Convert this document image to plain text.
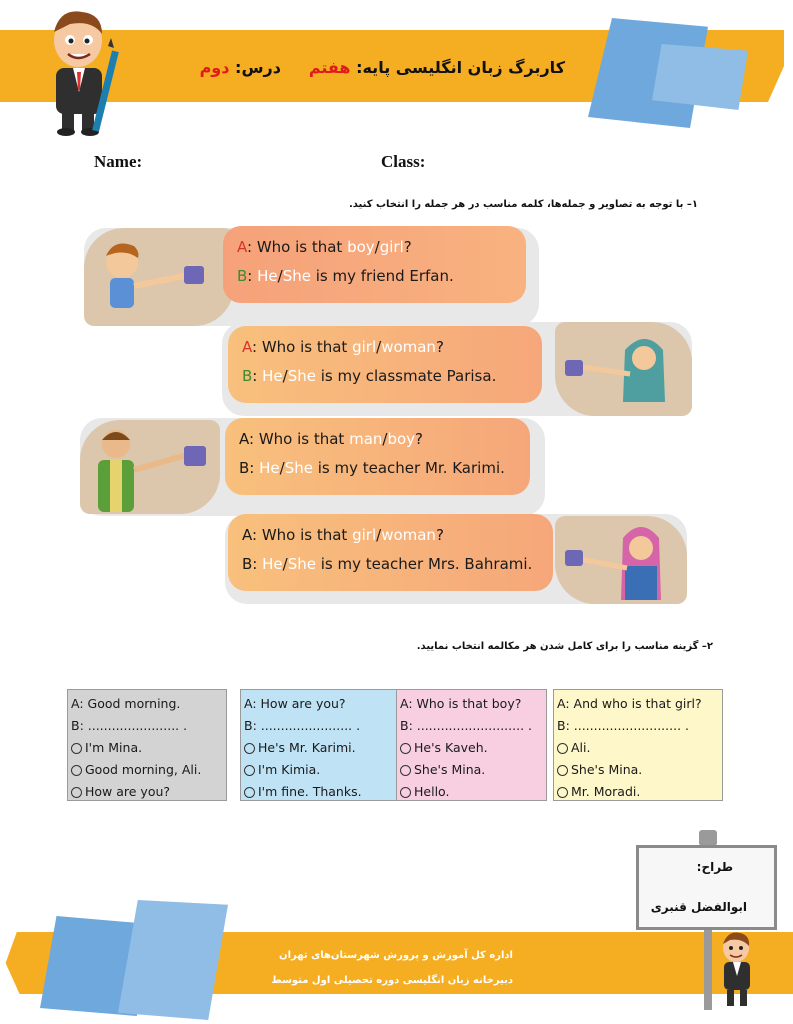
کاربرگ زبان انگلیسی پایه: هفتم     درس: دوم
Name:	Class:
۱– با توجه به تصاویر و جمله‌ها، کلمه مناسب در هر جمله را انتخاب کنید.
A: Who is that boy/girl?
B: He/She is my friend Erfan.
A: Who is that girl/woman?
B: He/She is my classmate Parisa.
A: Who is that man/boy?
B: He/She is my teacher Mr. Karimi.
A: Who is that girl/woman?
B: He/She is my teacher Mrs. Bahrami.
۲– گزینه مناسب را برای کامل شدن هر مکالمه انتخاب نمایید.
A: Good morning.
B: ....................... .
I'm Mina.
Good morning, Ali.
How are you?
A: How are you?
B: ....................... .
He's Mr. Karimi.
I'm Kimia.
I'm fine. Thanks.
A: Who is that boy?
B: ........................... .
He's Kaveh.
She's Mina.
Hello.
A: And who is that girl?
B: ........................... .
Ali.
She's Mina.
Mr. Moradi.
اداره کل آموزش و پرورش شهرستان‌های تهران
دبیرخانه زبان انگلیسی دوره تحصیلی اول متوسط
طراح:
ابوالفضل قنبری
